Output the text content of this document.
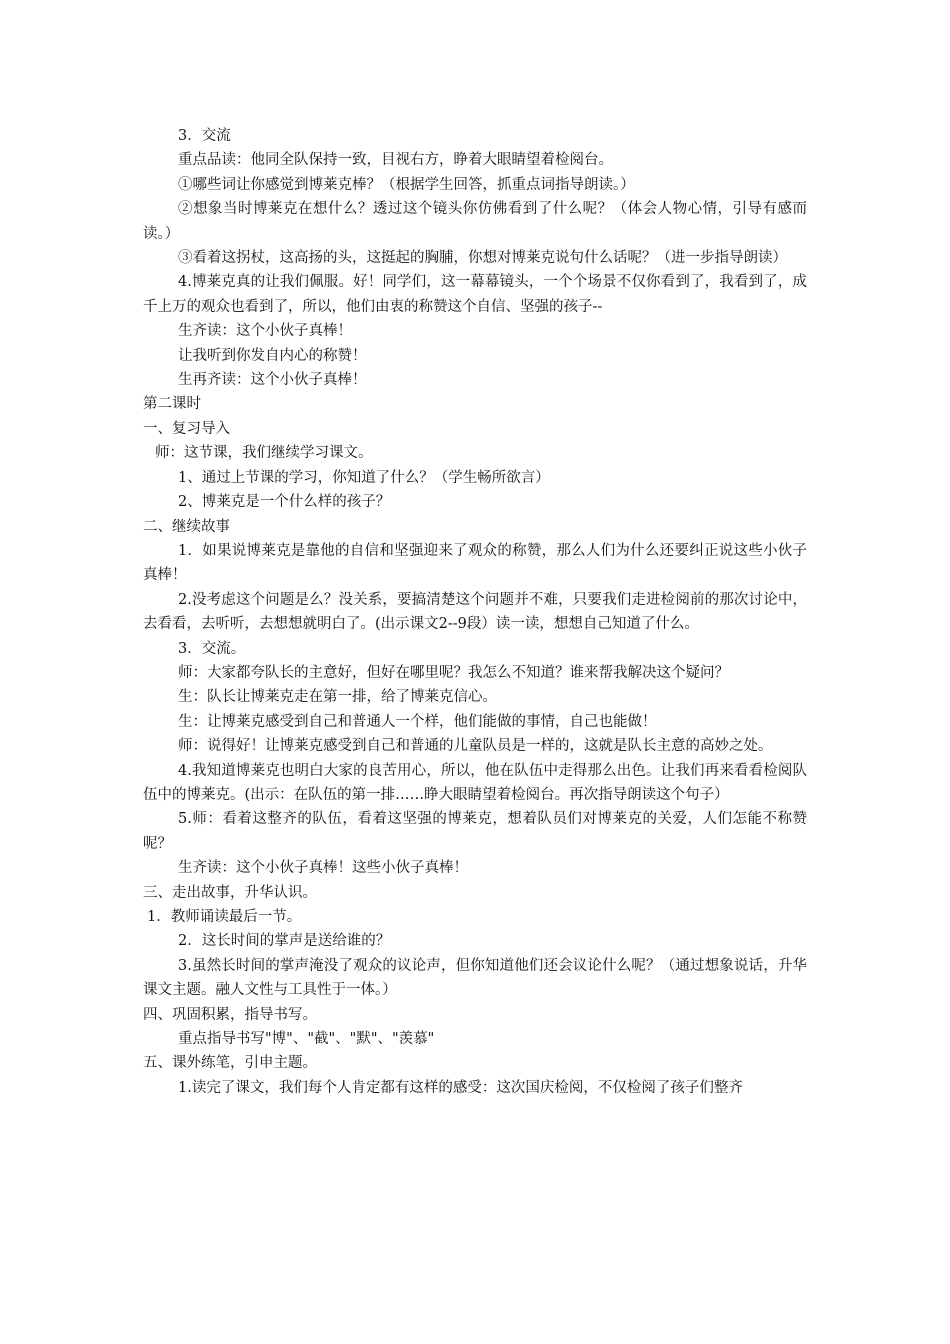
3．交流

重点品读：他同全队保持一致，目视右方，睁着大眼睛望着检阅台。

①哪些词让你感觉到博莱克棒？（根据学生回答，抓重点词指导朗读。）

②想象当时博莱克在想什么？透过这个镜头你仿佛看到了什么呢？（体会人物心情，引导有感而读。）

③看着这拐杖，这高扬的头，这挺起的胸脯，你想对博莱克说句什么话呢？（进一步指导朗读）

4.博莱克真的让我们佩服。好！同学们，这一幕幕镜头，一个个场景不仅你看到了，我看到了，成千上万的观众也看到了，所以，他们由衷的称赞这个自信、坚强的孩子--

生齐读：这个小伙子真棒！

让我听到你发自内心的称赞！

生再齐读：这个小伙子真棒！

第二课时

一、复习导入

师：这节课，我们继续学习课文。

1、通过上节课的学习，你知道了什么？（学生畅所欲言）

2、博莱克是一个什么样的孩子？

二、继续故事

1．如果说博莱克是靠他的自信和坚强迎来了观众的称赞，那么人们为什么还要纠正说这些小伙子真棒！

2.没考虑这个问题是么？没关系，要搞清楚这个问题并不难，只要我们走进检阅前的那次讨论中，去看看，去听听，去想想就明白了。(出示课文2--9段）读一读，想想自己知道了什么。

3．交流。

师：大家都夸队长的主意好，但好在哪里呢？我怎么不知道？谁来帮我解决这个疑问？

生：队长让博莱克走在第一排，给了博莱克信心。

生：让博莱克感受到自己和普通人一个样，他们能做的事情，自己也能做！

师：说得好！让博莱克感受到自己和普通的儿童队员是一样的，这就是队长主意的高妙之处。

4.我知道博莱克也明白大家的良苦用心，所以，他在队伍中走得那么出色。让我们再来看看检阅队伍中的博莱克。(出示：在队伍的第一排……睁大眼睛望着检阅台。再次指导朗读这个句子）

5.师：看着这整齐的队伍，看着这坚强的博莱克，想着队员们对博莱克的关爱，人们怎能不称赞呢？

生齐读：这个小伙子真棒！这些小伙子真棒！

三、走出故事，升华认识。

1．教师诵读最后一节。

2．这长时间的掌声是送给谁的？

3.虽然长时间的掌声淹没了观众的议论声，但你知道他们还会议论什么呢？（通过想象说话，升华课文主题。融人文性与工具性于一体。）

四、巩固积累，指导书写。

重点指导书写"博"、"截"、"默"、"羡慕"

五、课外练笔，引申主题。

1.读完了课文，我们每个人肯定都有这样的感受：这次国庆检阅，不仅检阅了孩子们整齐
